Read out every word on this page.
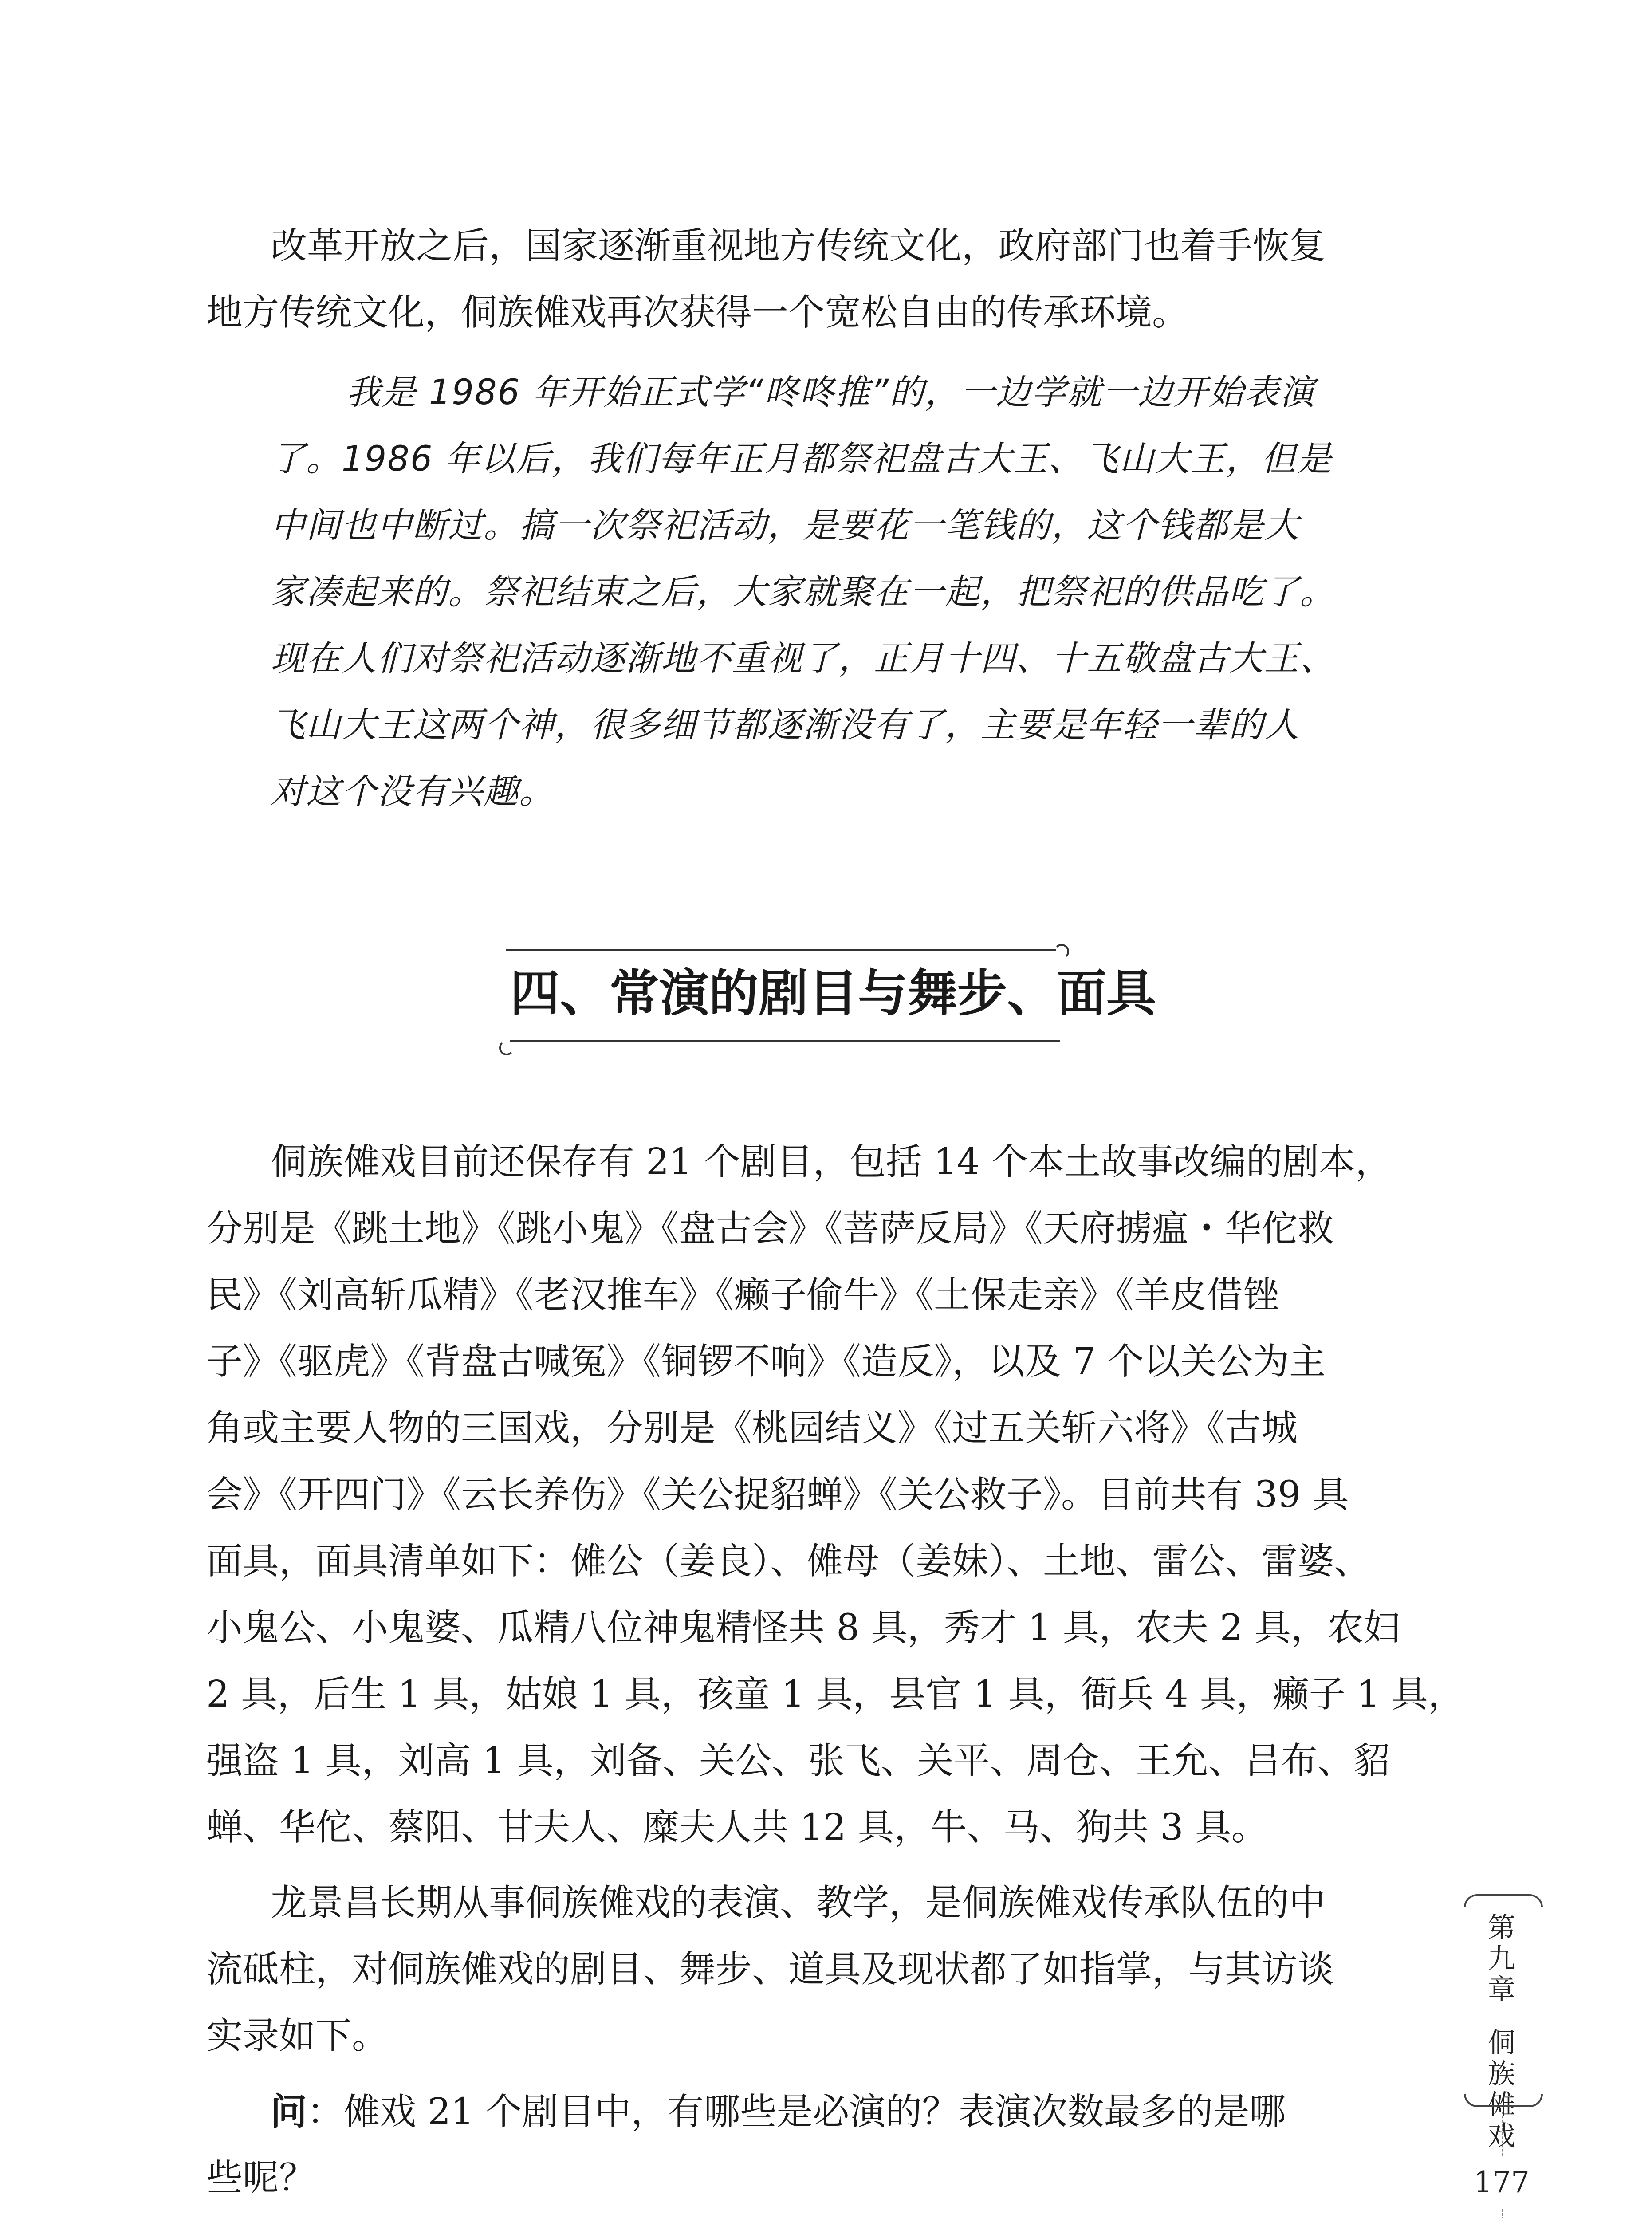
改革开放之后，国家逐渐重视地方传统文化，政府部门也着手恢复
地方传统文化，侗族傩戏再次获得一个宽松自由的传承环境。
我是 1986 年开始正式学“咚咚推”的，一边学就一边开始表演
了。1986 年以后，我们每年正月都祭祀盘古大王、飞山大王，但是
中间也中断过。搞一次祭祀活动，是要花一笔钱的，这个钱都是大
家凑起来的。祭祀结束之后，大家就聚在一起，把祭祀的供品吃了。
现在人们对祭祀活动逐渐地不重视了，正月十四、十五敬盘古大王、
飞山大王这两个神，很多细节都逐渐没有了，主要是年轻一辈的人
对这个没有兴趣。
四、常演的剧目与舞步、面具
侗族傩戏目前还保存有 21 个剧目，包括 14 个本土故事改编的剧本，
分别是《跳土地》《跳小鬼》《盘古会》《菩萨反局》《天府掳瘟・华佗救
民》《刘高斩瓜精》《老汉推车》《癞子偷牛》《土保走亲》《羊皮借锉
子》《驱虎》《背盘古喊冤》《铜锣不响》《造反》，以及 7 个以关公为主
角或主要人物的三国戏，分别是《桃园结义》《过五关斩六将》《古城
会》《开四门》《云长养伤》《关公捉貂蝉》《关公救子》。目前共有 39 具
面具，面具清单如下：傩公（姜良）、傩母（姜妹）、土地、雷公、雷婆、
小鬼公、小鬼婆、瓜精八位神鬼精怪共 8 具，秀才 1 具，农夫 2 具，农妇
2 具，后生 1 具，姑娘 1 具，孩童 1 具，县官 1 具，衙兵 4 具，癞子 1 具，
强盗 1 具，刘高 1 具，刘备、关公、张飞、关平、周仓、王允、吕布、貂
蝉、华佗、蔡阳、甘夫人、糜夫人共 12 具，牛、马、狗共 3 具。
龙景昌长期从事侗族傩戏的表演、教学，是侗族傩戏传承队伍的中
流砥柱，对侗族傩戏的剧目、舞步、道具及现状都了如指掌，与其访谈
实录如下。
问：傩戏 21 个剧目中，有哪些是必演的？表演次数最多的是哪
些呢？
第九章
侗族傩戏
177
